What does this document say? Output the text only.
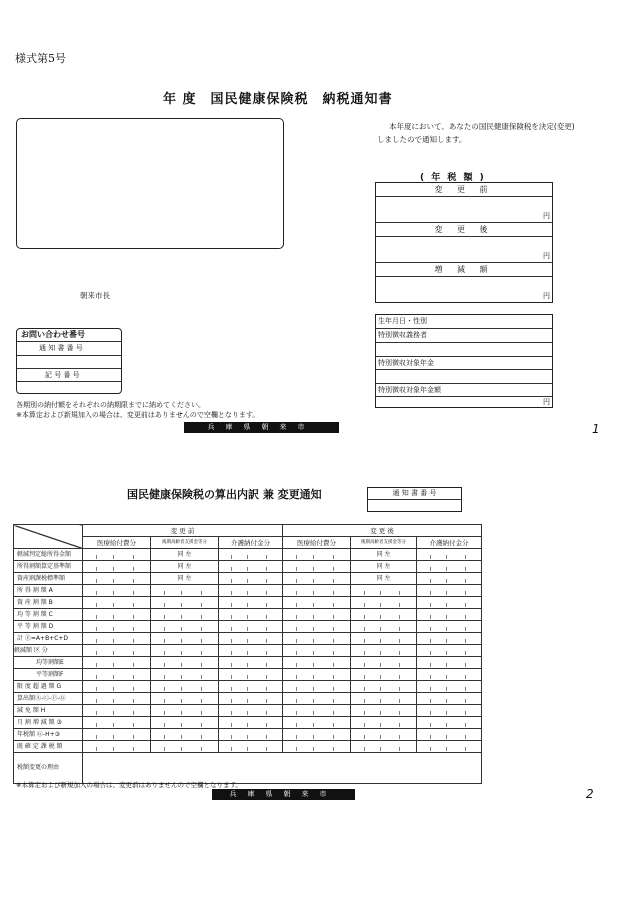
様式第5号
年 度　国民健康保険税　納税通知書
朝来市長
本年度において、あなたの国民健康保険税を決定(変更)しましたので通知します。
( 年 税 額 )
変 更 前
円
変 更 後
円
増 減 額
円
生年月日・性別
特別徴収義務者
特別徴収対象年金
特別徴収対象年金額
円
お問い合わせ番号
通 知 書 番 号
記 号 番 号
各期別の納付額をそれぞれの納期限までに納めてください。
※本算定および新規加入の場合は、変更前はありませんので空欄となります。
兵庫県朝来市	1
国民健康保険税の算出内訳 兼 変更通知	通 知 書 番 号
	変 更 前			変 更 後		
	医療給付費分	後期高齢者支援金等分	介護納付金分	医療給付費分	後期高齢者支援金等分	介護納付金分
軽減判定総所得金額		同 左			同 左	
所得割額算定基準額		同 左			同 左	
資産割課税標準額		同 左			同 左	
所 得 割 額 A						
資 産 割 額 B						
均 等 割 額 C						
平 等 割 額 D						
計 Ⓔ=A+B+C+D						
軽減額 区 分						
均等割額E						
平等割額F						
限 度 超 過 額 G						
算出額Ⓐ-Ⓒ-Ⓕ-Ⓖ						
減 免 額 H						
月 割 増 減 額 ③						
年税額 Ⓖ-H+③						
既 確 定 課 税 額						
税額変更の理由						
※本算定および新規加入の場合は、変更前はありませんので空欄となります。
兵庫県朝来市	2
